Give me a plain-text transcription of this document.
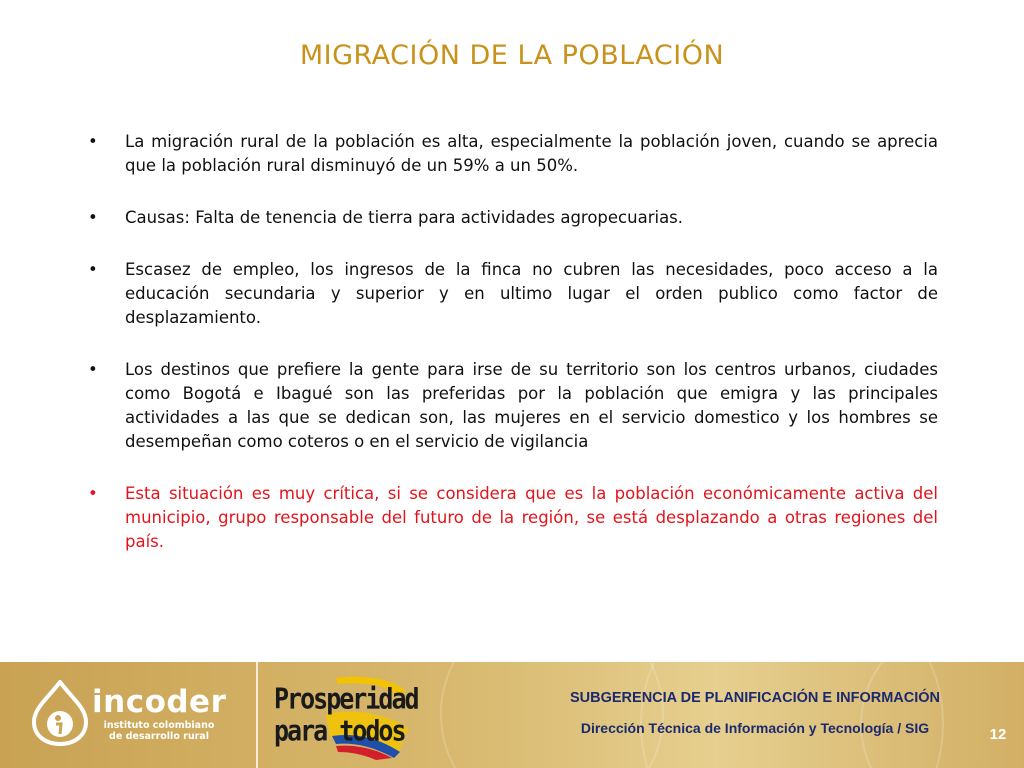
MIGRACIÓN DE LA POBLACIÓN
• La migración rural de la población es alta, especialmente la población joven, cuando se aprecia que la población rural disminuyó de un 59% a un 50%.
• Causas: Falta de tenencia de tierra para actividades agropecuarias.
• Escasez de empleo, los ingresos de la finca no cubren las necesidades, poco acceso a la educación secundaria y superior y en ultimo lugar el orden publico como factor de desplazamiento.
• Los destinos que prefiere la gente para irse de su territorio son los centros urbanos, ciudades como Bogotá e Ibagué son las preferidas por la población que emigra y las principales actividades a las que se dedican son, las mujeres en el servicio domestico y los hombres se desempeñan como coteros o en el servicio de vigilancia
• Esta situación es muy crítica, si se considera que es la población económicamente activa del municipio, grupo responsable del futuro de la región, se está desplazando a otras regiones del país.
incoder
instituto colombiano
de desarrollo rural
Prosperidad
para todos
SUBGERENCIA DE PLANIFICACIÓN E INFORMACIÓN
Dirección Técnica de Información y Tecnología / SIG	12
